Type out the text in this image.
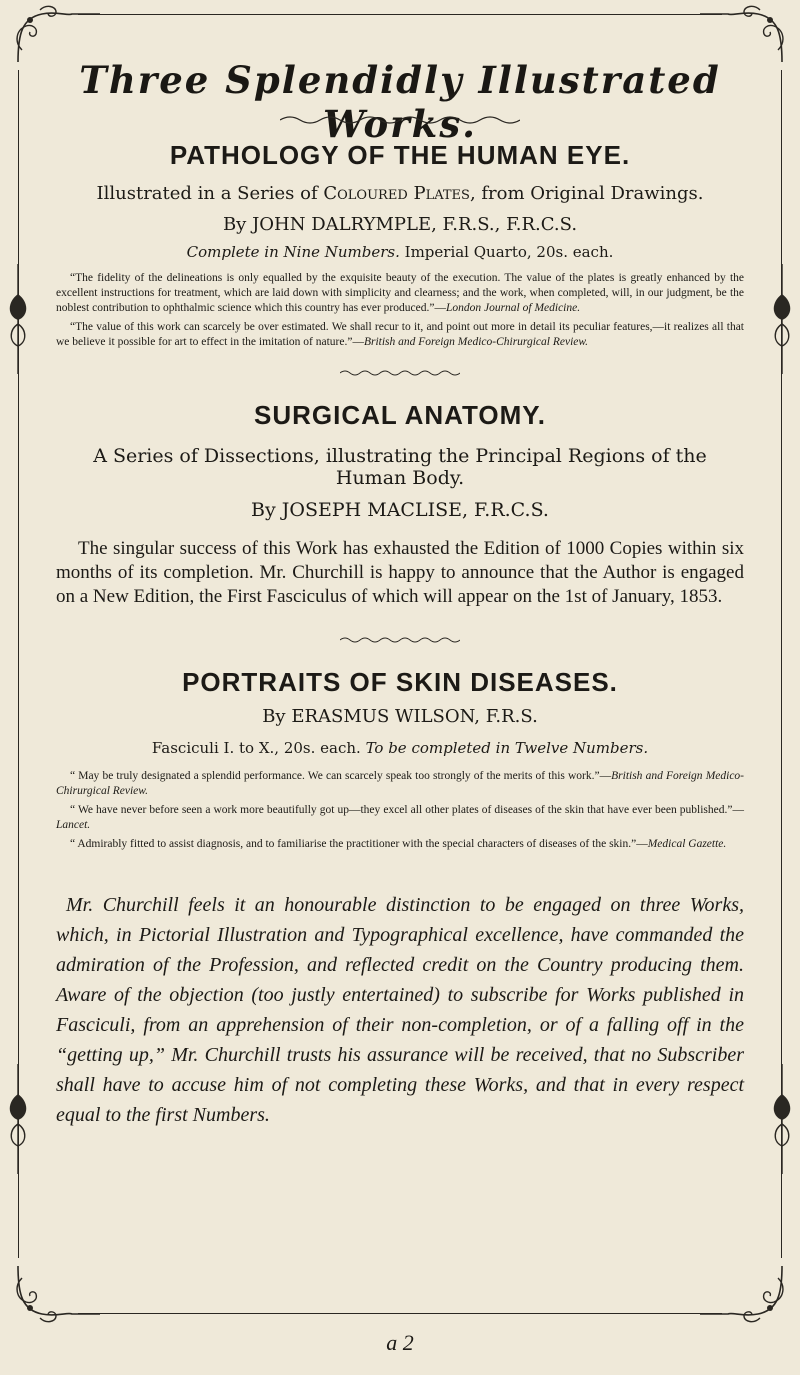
Three Splendidly Illustrated Works.
PATHOLOGY OF THE HUMAN EYE.

Illustrated in a Series of Coloured Plates, from Original Drawings.

By JOHN DALRYMPLE, F.R.S., F.R.C.S.

Complete in Nine Numbers. Imperial Quarto, 20s. each.

“The fidelity of the delineations is only equalled by the exquisite beauty of the execution. The value of the plates is greatly enhanced by the excellent instructions for treatment, which are laid down with simplicity and clearness; and the work, when completed, will, in our judgment, be the noblest contribution to ophthalmic science which this country has ever produced.”—London Journal of Medicine.

“The value of this work can scarcely be over estimated. We shall recur to it, and point out more in detail its peculiar features,—it realizes all that we believe it possible for art to effect in the imitation of nature.”—British and Foreign Medico-Chirurgical Review.

SURGICAL ANATOMY.

A Series of Dissections, illustrating the Principal Regions of the Human Body.

By JOSEPH MACLISE, F.R.C.S.

The singular success of this Work has exhausted the Edition of 1000 Copies within six months of its completion. Mr. Churchill is happy to announce that the Author is engaged on a New Edition, the First Fasciculus of which will appear on the 1st of January, 1853.

PORTRAITS OF SKIN DISEASES.

By ERASMUS WILSON, F.R.S.

Fasciculi I. to X., 20s. each. To be completed in Twelve Numbers.

“ May be truly designated a splendid performance. We can scarcely speak too strongly of the merits of this work.”—British and Foreign Medico-Chirurgical Review.

“ We have never before seen a work more beautifully got up—they excel all other plates of diseases of the skin that have ever been published.”—Lancet.

“ Admirably fitted to assist diagnosis, and to familiarise the practitioner with the special characters of diseases of the skin.”—Medical Gazette.

Mr. Churchill feels it an honourable distinction to be engaged on three Works, which, in Pictorial Illustration and Typographical excellence, have commanded the admiration of the Profession, and reflected credit on the Country producing them. Aware of the objection (too justly entertained) to subscribe for Works published in Fasciculi, from an apprehension of their non-completion, or of a falling off in the “getting up,” Mr. Churchill trusts his assurance will be received, that no Subscriber shall have to accuse him of not completing these Works, and that in every respect equal to the first Numbers.

a 2
